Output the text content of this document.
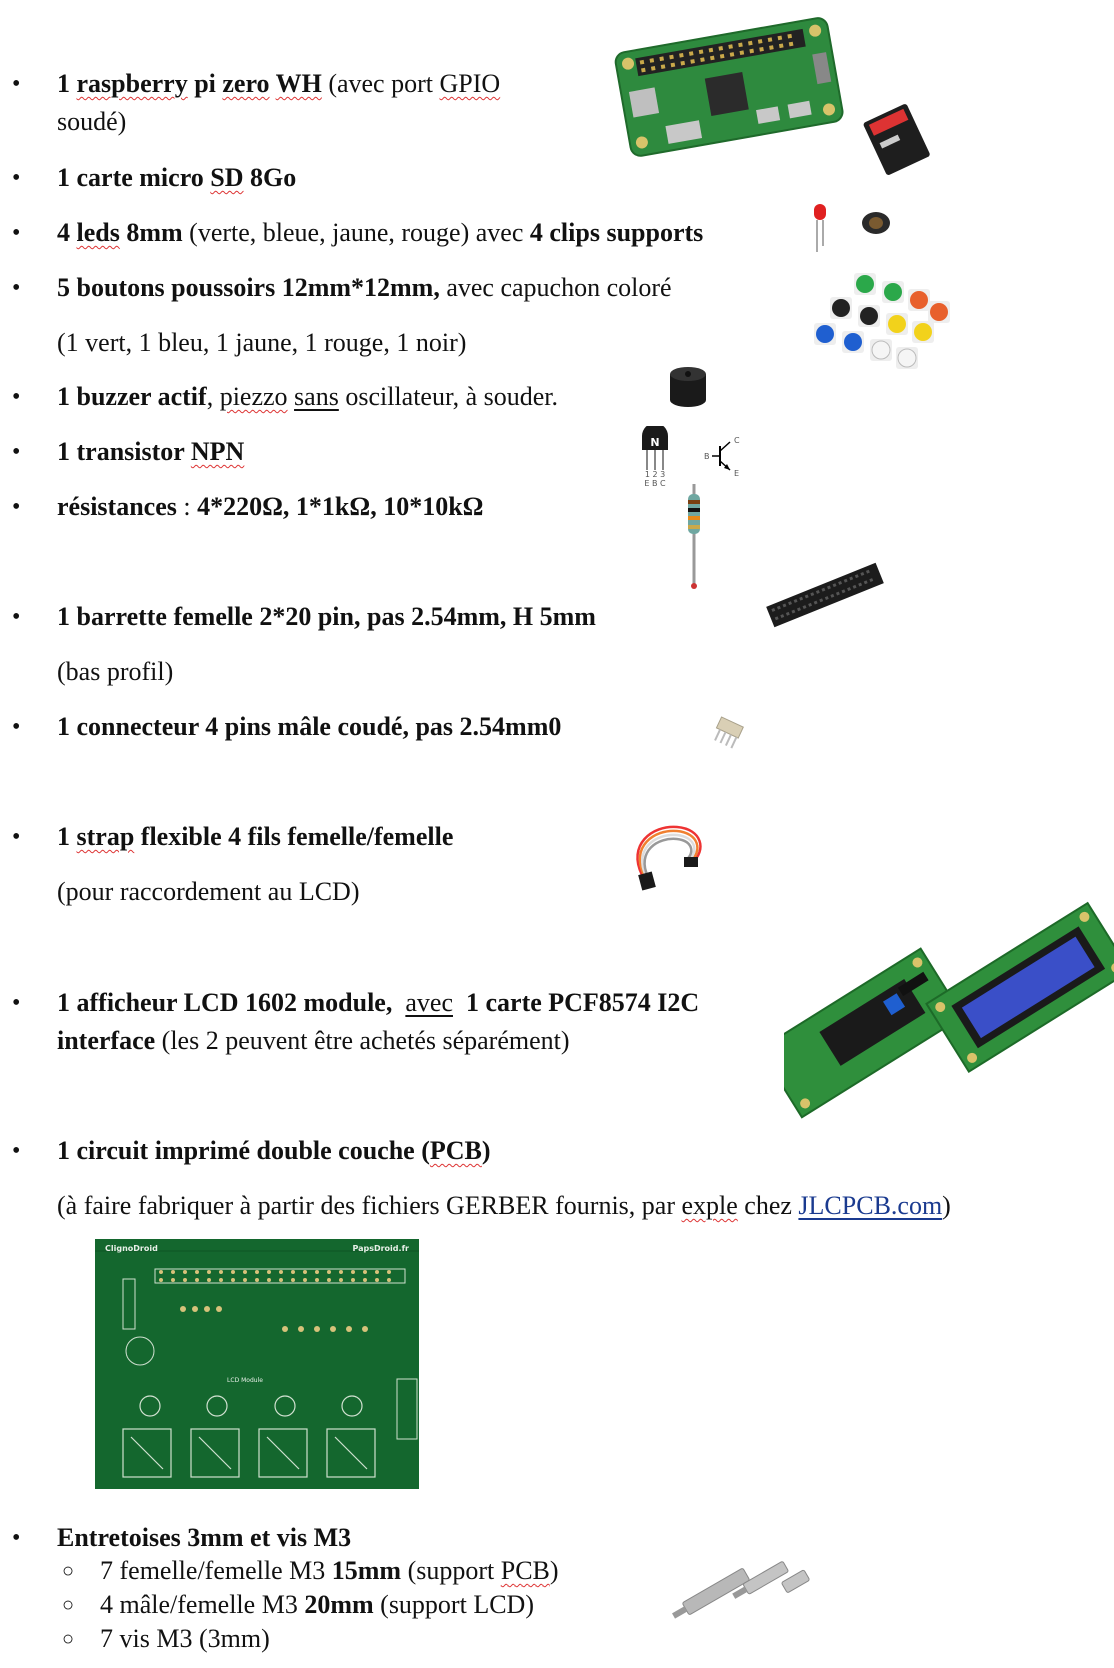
•
•
•
•
•
•
•
•
•
•
•
•
•
1 raspberry pi zero WH (avec port GPIO
soudé)
1 carte micro SD 8Go
4 leds 8mm (verte, bleue, jaune, rouge) avec 4 clips supports
5 boutons poussoirs 12mm*12mm, avec capuchon coloré
(1 vert, 1 bleu, 1 jaune, 1 rouge, 1 noir)
1 buzzer actif, piezzo sans oscillateur, à souder.
1 transistor NPN
résistances : 4*220Ω, 1*1kΩ, 10*10kΩ
1 barrette femelle 2*20 pin, pas 2.54mm, H 5mm
(bas profil)
1 connecteur 4 pins mâle coudé, pas 2.54mm0
1 strap flexible 4 fils femelle/femelle
(pour raccordement au LCD)
1 afficheur LCD 1602 module, avec 1 carte PCF8574 I2C
interface (les 2 peuvent être achetés séparément)
1 circuit imprimé double couche (PCB)
(à faire fabriquer à partir des fichiers GERBER fournis, par exple chez JLCPCB.com)
Entretoises 3mm et vis M3
○ 7 femelle/femelle M3 15mm (support PCB)
○ 4 mâle/femelle M3 20mm (support LCD)
○ 7 vis M3 (3mm)
N
1 2 3
E B C
B
C
E
ClignoDroid	PapsDroid.fr
LCD Module
